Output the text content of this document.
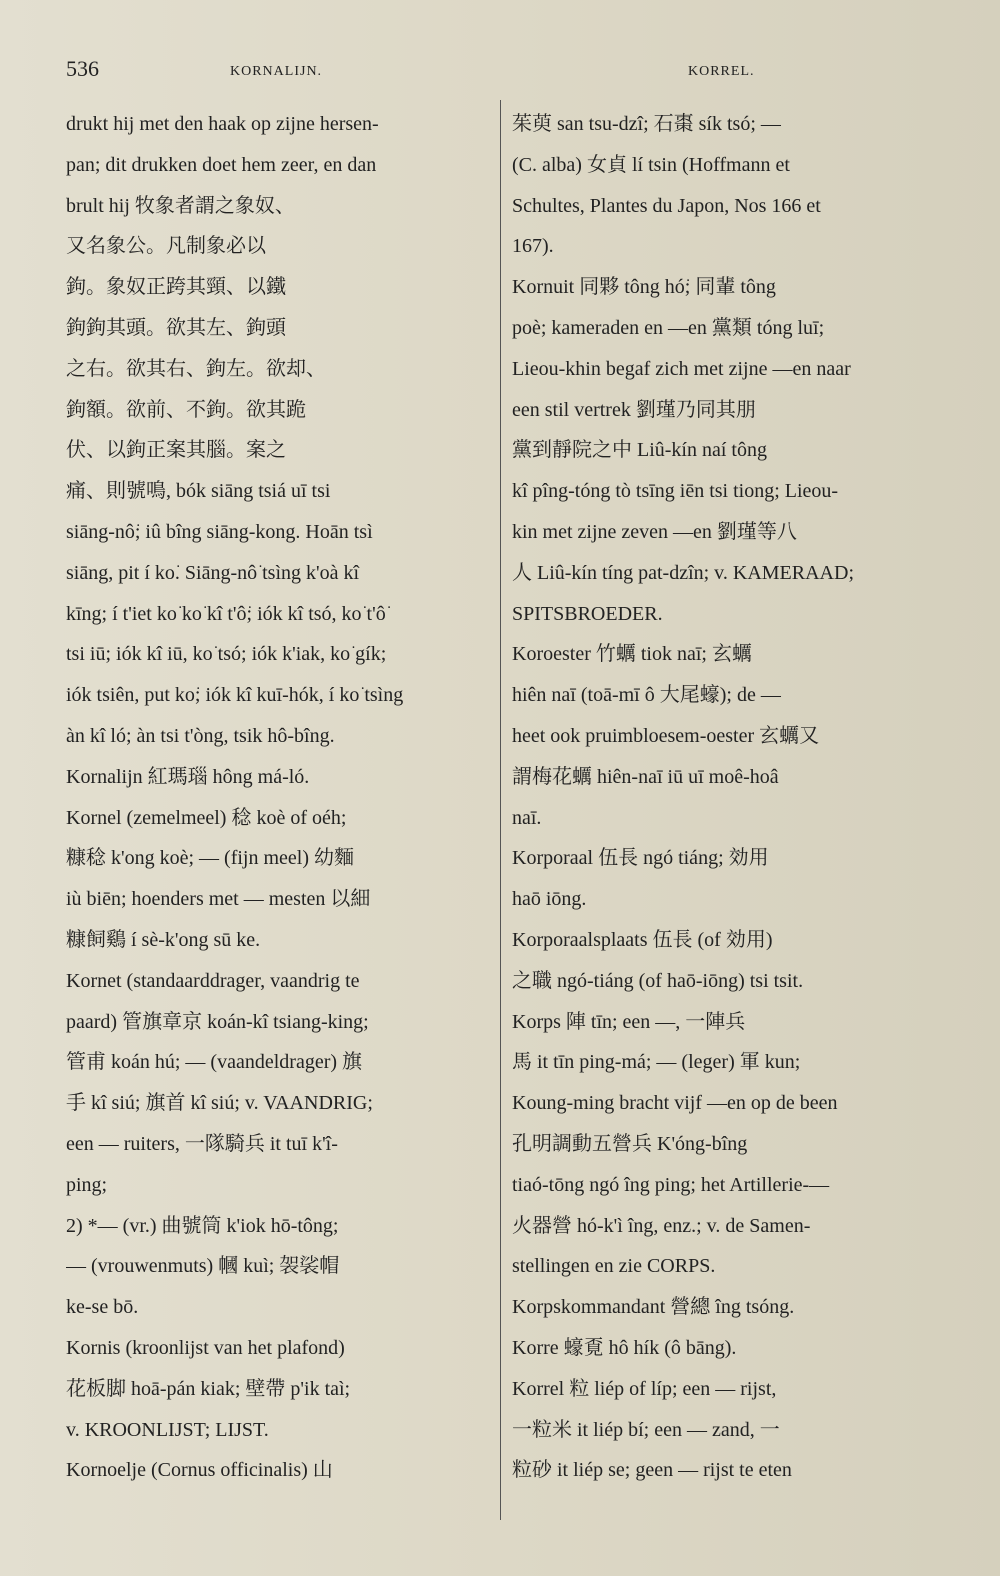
536	KORNALIJN.	KORREL.
drukt hij met den haak op zijne hersen-
pan; dit drukken doet hem zeer, en dan
brult hij 牧象者謂之象奴、
又名象公。凡制象必以
鉤。象奴正跨其頸、以鐵
鉤鉤其頭。欲其左、鉤頭
之右。欲其右、鉤左。欲却、
鉤額。欲前、不鉤。欲其跪
伏、以鉤正案其腦。案之
痛、則號鳴, bók siāng tsiá uī tsi
siāng-nô͘; iû bîng siāng-kong. Hoān tsì
siāng, pit í ko͘. Siāng-nô͘ tsìng k'oà kî
kīng; í t'iet ko͘ ko͘ kî t'ô͘; iók kî tsó, ko͘ t'ô͘
tsi iū; iók kî iū, ko͘ tsó; iók k'iak, ko͘ gík;
iók tsiên, put ko͘; iók kî kuī-hók, í ko͘ tsìng
àn kî ló; àn tsi t'òng, tsik hô-bîng.
Kornalijn 紅瑪瑙 hông má-ló.
Kornel (zemelmeel) 稔 koè of oéh;
糠稔 k'ong koè; — (fijn meel) 幼麵
iù biēn; hoenders met — mesten 以細
糠飼鷄 í sè-k'ong sū ke.
Kornet (standaarddrager, vaandrig te
paard) 管旗章京 koán-kî tsiang-king;
管甫 koán hú; — (vaandeldrager) 旗
手 kî siú; 旗首 kî siú; v. VAANDRIG;
een — ruiters, 一隊騎兵 it tuī k'î-
ping;
2) *— (vr.) 曲號筒 k'iok hō-tông;
— (vrouwenmuts) 幗 kuì; 袈裟帽
ke-se bō.
Kornis (kroonlijst van het plafond)
花板脚 hoā-pán kiak; 壁帶 p'ik taì;
v. KROONLIJST; LIJST.
Kornoelje (Cornus officinalis) 山
茱萸 san tsu-dzî; 石棗 sík tsó; —
(C. alba) 女貞 lí tsin (Hoffmann et
Schultes, Plantes du Japon, Nos 166 et
167).
Kornuit 同夥 tông hó͘; 同輩 tông
poè; kameraden en —en 黨類 tóng luī;
Lieou-khin begaf zich met zijne —en naar
een stil vertrek 劉瑾乃同其朋
黨到靜院之中 Liû-kín naí tông
kî pîng-tóng tò tsīng iēn tsi tiong; Lieou-
kin met zijne zeven —en 劉瑾等八
人 Liû-kín tíng pat-dzîn; v. KAMERAAD;
SPITSBROEDER.
Koroester 竹蠣 tiok naī; 玄蠣
hiên naī (toā-mī ô 大尾蠔); de —
heet ook pruimbloesem-oester 玄蠣又
謂梅花蠣 hiên-naī iū uī moê-hoâ
naī.
Korporaal 伍長 ngó tiáng; 効用
haō iōng.
Korporaalsplaats 伍長 (of 効用)
之職 ngó-tiáng (of haō-iōng) tsi tsit.
Korps 陣 tīn; een —, 一陣兵
馬 it tīn ping-má; — (leger) 軍 kun;
Koung-ming bracht vijf —en op de been
孔明調動五營兵 K'óng-bîng
tiaó-tōng ngó îng ping; het Artillerie-—
火器營 hó-k'ì îng, enz.; v. de Samen-
stellingen en zie CORPS.
Korpskommandant 營總 îng tsóng.
Korre 蠔覔 hô hík (ô bāng).
Korrel 粒 liép of líp; een — rijst,
一粒米 it liép bí; een — zand, 一
粒砂 it liép se; geen — rijst te eten
